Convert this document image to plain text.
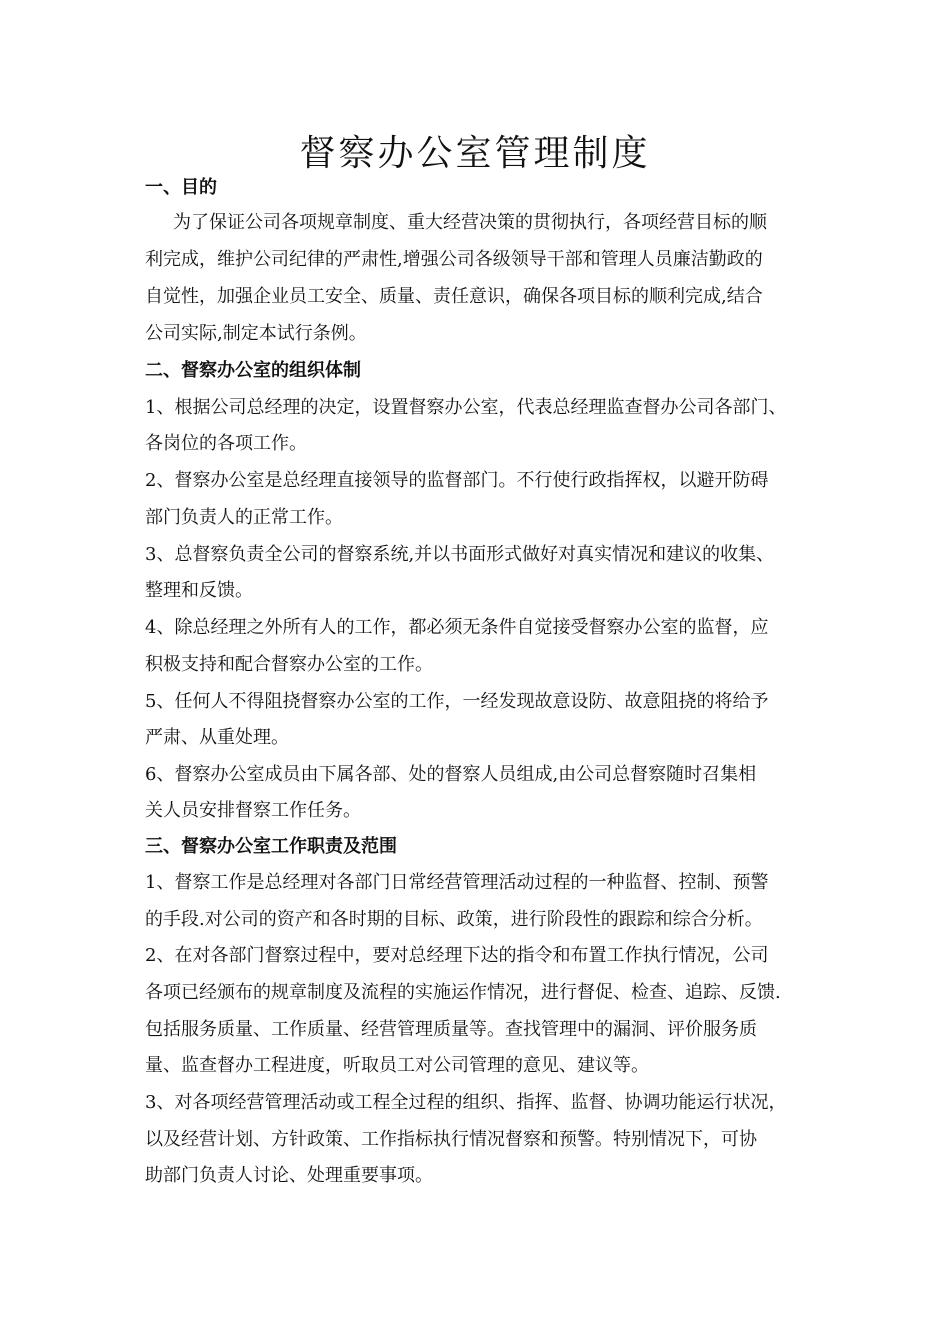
督察办公室管理制度
一、目的

为了保证公司各项规章制度、重大经营决策的贯彻执行，各项经营目标的顺

利完成，维护公司纪律的严肃性,增强公司各级领导干部和管理人员廉洁勤政的

自觉性，加强企业员工安全、质量、责任意识，确保各项目标的顺利完成,结合

公司实际,制定本试行条例。

二、督察办公室的组织体制

1、根据公司总经理的决定，设置督察办公室，代表总经理监查督办公司各部门、

各岗位的各项工作。

2、督察办公室是总经理直接领导的监督部门。不行使行政指挥权，以避开防碍

部门负责人的正常工作。

3、总督察负责全公司的督察系统,并以书面形式做好对真实情况和建议的收集、

整理和反馈。

4、除总经理之外所有人的工作，都必须无条件自觉接受督察办公室的监督，应

积极支持和配合督察办公室的工作。

5、任何人不得阻挠督察办公室的工作，一经发现故意设防、故意阻挠的将给予

严肃、从重处理。

6、督察办公室成员由下属各部、处的督察人员组成,由公司总督察随时召集相

关人员安排督察工作任务。

三、督察办公室工作职责及范围

1、督察工作是总经理对各部门日常经营管理活动过程的一种监督、控制、预警

的手段.对公司的资产和各时期的目标、政策，进行阶段性的跟踪和综合分析。

2、在对各部门督察过程中，要对总经理下达的指令和布置工作执行情况，公司

各项已经颁布的规章制度及流程的实施运作情况，进行督促、检查、追踪、反馈.

包括服务质量、工作质量、经营管理质量等。查找管理中的漏洞、评价服务质

量、监查督办工程进度，听取员工对公司管理的意见、建议等。

3、对各项经营管理活动或工程全过程的组织、指挥、监督、协调功能运行状况，

以及经营计划、方针政策、工作指标执行情况督察和预警。特别情况下，可协

助部门负责人讨论、处理重要事项。
